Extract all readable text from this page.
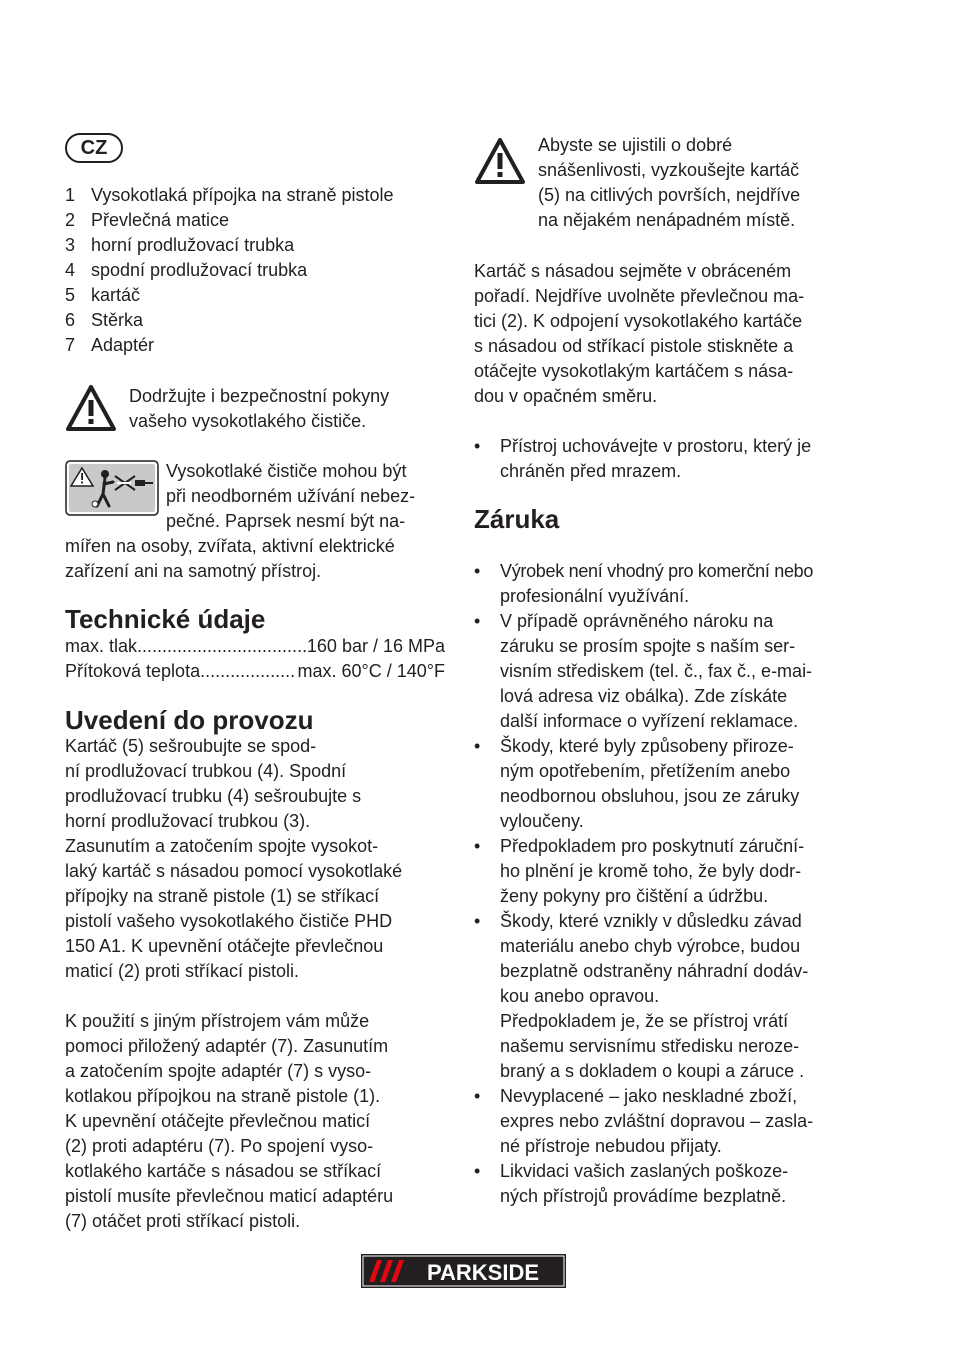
CZ
1 Vysokotlaká přípojka na straně pistole
2 Převlečná matice
3 horní prodlužovací trubka
4 spodní prodlužovací trubka
5 kartáč
6 Stěrka
7 Adaptér
Dodržujte i bezpečnostní pokyny
vašeho vysokotlakého čističe.
Vysokotlaké čističe mohou být
při neodborném užívání nebez-
pečné. Paprsek nesmí být na-
mířen na osoby, zvířata, aktivní elektrické
zařízení ani na samotný přístroj.
Technické údaje
max. tlak .....	160 bar / 16 MPa
Přítoková teplota .....	max. 60°C / 140°F
Uvedení do provozu
Kartáč (5) sešroubujte se spod-
ní prodlužovací trubkou (4). Spodní
prodlužovací trubku (4) sešroubujte s
horní prodlužovací trubkou (3).
Zasunutím a zatočením spojte vysokot-
laký kartáč s násadou pomocí vysokotlaké
přípojky na straně pistole (1) se stříkací
pistolí vašeho vysokotlakého čističe PHD
150 A1. K upevnění otáčejte převlečnou
maticí (2) proti stříkací pistoli.
K použití s jiným přístrojem vám může
pomoci přiložený adaptér (7). Zasunutím
a zatočením spojte adaptér (7) s vyso-
kotlakou přípojkou na straně pistole (1).
K upevnění otáčejte převlečnou maticí
(2) proti adaptéru (7). Po spojení vyso-
kotlakého kartáče s násadou se stříkací
pistolí musíte převlečnou maticí adaptéru
(7) otáčet proti stříkací pistoli.
Abyste se ujistili o dobré
snášenlivosti, vyzkoušejte kartáč
(5) na citlivých površích, nejdříve
na nějakém nenápadném místě.
Kartáč s násadou sejměte v obráceném
pořadí. Nejdříve uvolněte převlečnou ma-
tici (2). K odpojení vysokotlakého kartáče
s násadou od stříkací pistole stiskněte a
otáčejte vysokotlakým kartáčem s nása-
dou v opačném směru.
• Přístroj uchovávejte v prostoru, který je
chráněn před mrazem.
Záruka
• Výrobek není vhodný pro komerční nebo
profesionální využívání.
• V případě oprávněného nároku na
záruku se prosím spojte s naším ser-
visním střediskem (tel. č., fax č., e-mai-
lová adresa viz obálka). Zde získáte
další informace o vyřízení reklamace.
• Škody, které byly způsobeny přiroze-
ným opotřebením, přetížením anebo
neodbornou obsluhou, jsou ze záruky
vyloučeny.
• Předpokladem pro poskytnutí záruční-
ho plnění je kromě toho, že byly dodr-
ženy pokyny pro čištění a údržbu.
• Škody, které vznikly v důsledku závad
materiálu anebo chyb výrobce, budou
bezplatně odstraněny náhradní dodáv-
kou anebo opravou.
Předpokladem je, že se přístroj vrátí
našemu servisnímu středisku neroze-
braný a s dokladem o koupi a záruce .
• Nevyplacené – jako neskladné zboží,
expres nebo zvláštní dopravou – zasla-
né přístroje nebudou přijaty.
• Likvidaci vašich zaslaných poškoze-
ných přístrojů provádíme bezplatně.
PARKSIDE
